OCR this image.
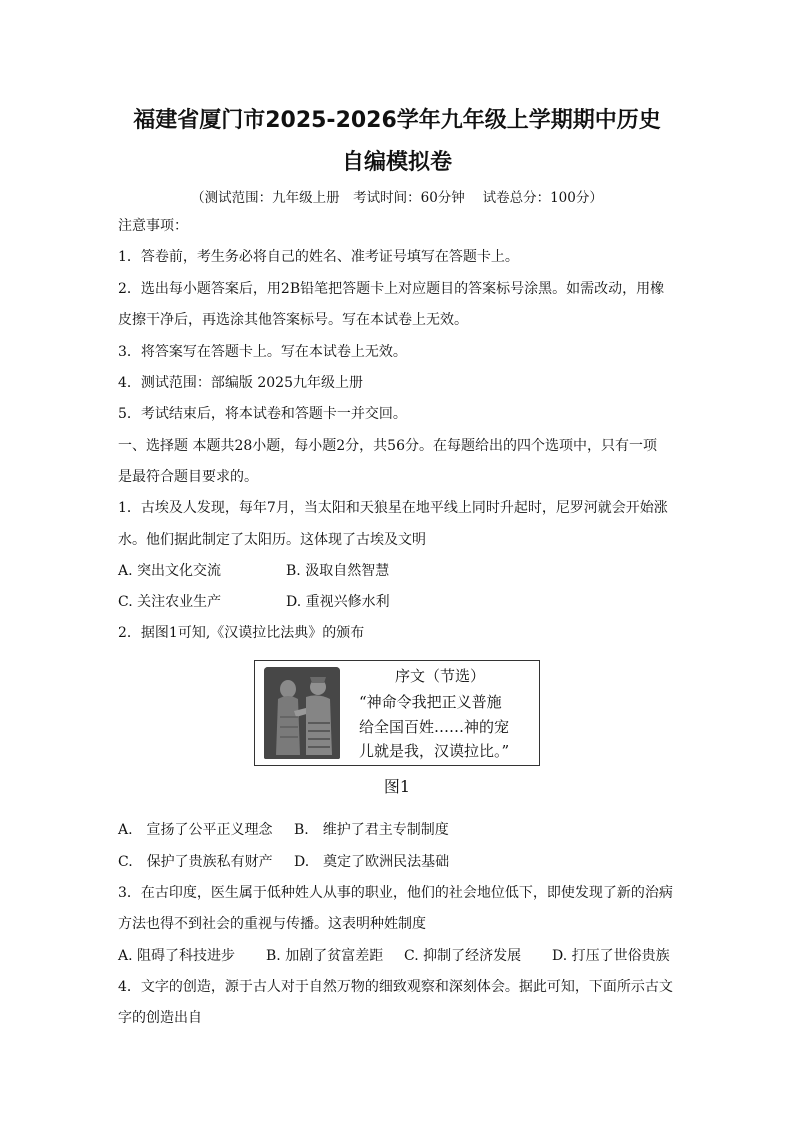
福建省厦门市2025-2026学年九年级上学期期中历史
自编模拟卷
（测试范围：九年级上册　考试时间：60分钟　 试卷总分：100分）
注意事项：
1．答卷前，考生务必将自己的姓名、准考证号填写在答题卡上。
2．选出每小题答案后，用2B铅笔把答题卡上对应题目的答案标号涂黑。如需改动，用橡
皮擦干净后，再选涂其他答案标号。写在本试卷上无效。
3．将答案写在答题卡上。写在本试卷上无效。
4．测试范围：部编版 2025九年级上册
5．考试结束后，将本试卷和答题卡一并交回。
一、选择题 本题共28小题，每小题2分，共56分。在每题给出的四个选项中，只有一项
是最符合题目要求的。
1．古埃及人发现，每年7月，当太阳和天狼星在地平线上同时升起时，尼罗河就会开始涨
水。他们据此制定了太阳历。这体现了古埃及文明
A. 突出文化交流	B. 汲取自然智慧
C. 关注农业生产	D. 重视兴修水利
2．据图1可知,《汉谟拉比法典》的颁布
序文（节选）
“神命令我把正义普施
给全国百姓……神的宠
儿就是我，汉谟拉比。”
图1
A.　宣扬了公平正义理念 B.　维护了君主专制制度
C.　保护了贵族私有财产 D.　奠定了欧洲民法基础
3．在古印度，医生属于低种姓人从事的职业，他们的社会地位低下，即使发现了新的治病
方法也得不到社会的重视与传播。这表明种姓制度
A. 阻碍了科技进步 B. 加剧了贫富差距 C. 抑制了经济发展 D. 打压了世俗贵族
4．文字的创造，源于古人对于自然万物的细致观察和深刻体会。据此可知，下面所示古文
字的创造出自
